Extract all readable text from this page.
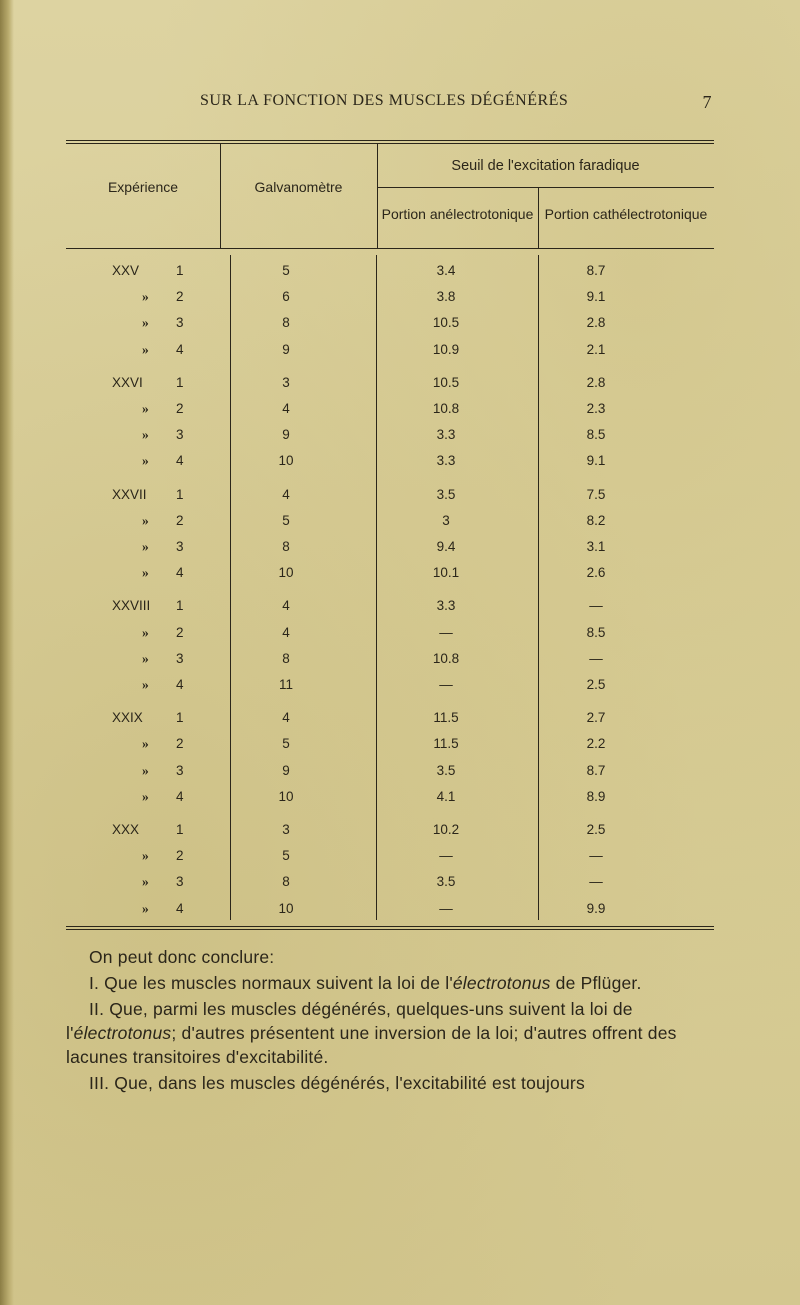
SUR LA FONCTION DES MUSCLES DÉGÉNÉRÉS	7
Expérience	Galvanomètre
Seuil de l'excitation faradique
Portion anélectrotonique Portion cathélectrotonique
XXV	1	5	3.4	8.7
» 2	6	3.8	9.1
» 3	8	10.5	2.8
» 4	9	10.9	2.1
XXVI 1	3	10.5	2.8
» 2	4	10.8	2.3
» 3	9	3.3	8.5
» 4	10	3.3	9.1
XXVII 1	4	3.5	7.5
» 2	5	3	8.2
» 3	8	9.4	3.1
» 4	10	10.1	2.6
XXVIII 1	4	3.3	—
» 2	4	—	8.5
» 3	8	10.8	—
» 4	11	—	2.5
XXIX 1	4	11.5	2.7
» 2	5	11.5	2.2
» 3	9	3.5	8.7
» 4	10	4.1	8.9
XXX	1	3	10.2	2.5
» 2	5	—	—
» 3	8	3.5	—
» 4	10	—	9.9

On peut donc conclure:

I. Que les muscles normaux suivent la loi de l'électrotonus de Pflüger.

II. Que, parmi les muscles dégénérés, quelques-uns suivent la loi de l'électrotonus; d'autres présentent une inversion de la loi; d'autres offrent des lacunes transitoires d'excitabilité.

III. Que, dans les muscles dégénérés, l'excitabilité est toujours
